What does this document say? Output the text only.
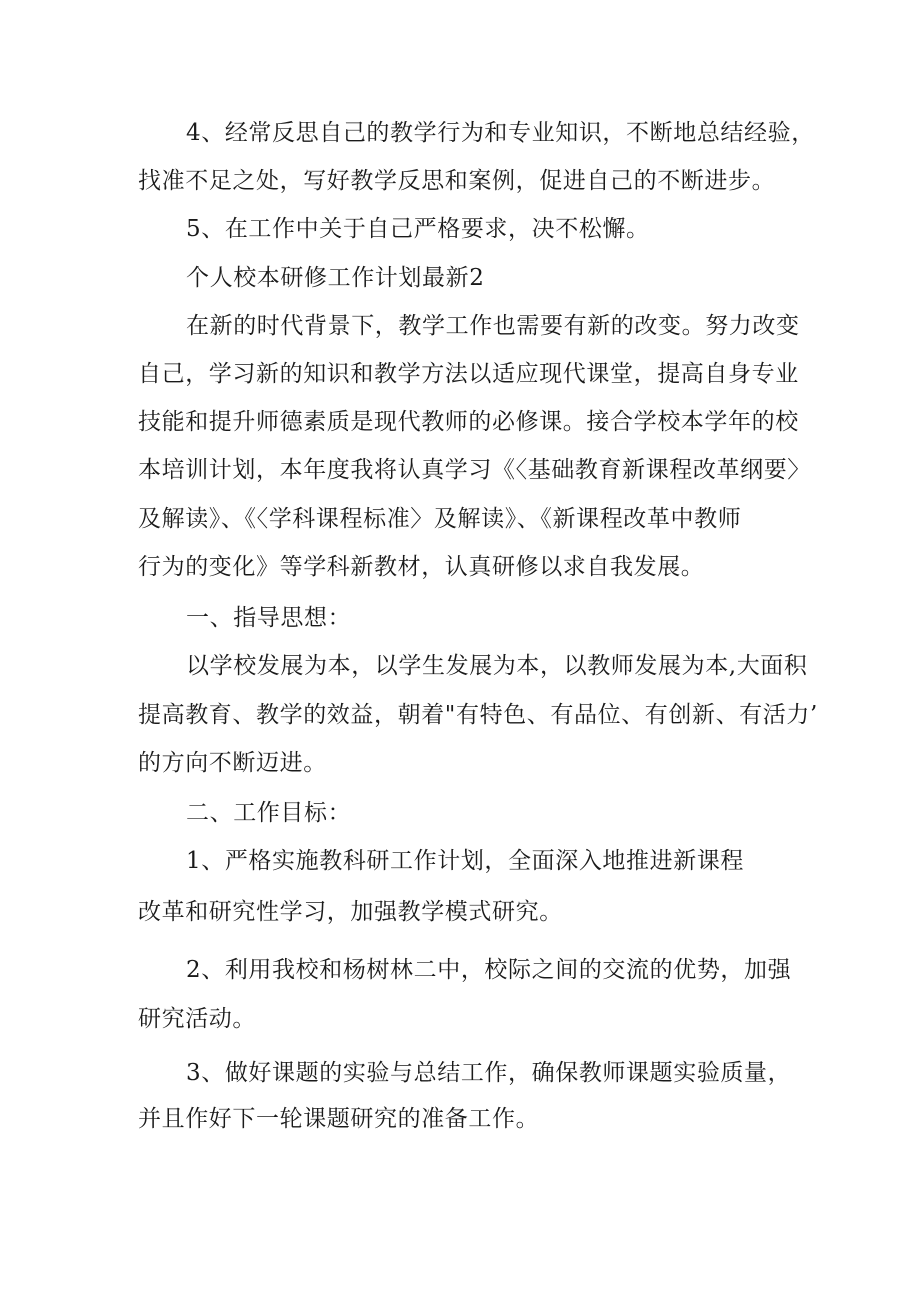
4、经常反思自己的教学行为和专业知识，不断地总结经验，
找准不足之处，写好教学反思和案例，促进自己的不断进步。
5、在工作中关于自己严格要求，决不松懈。
个人校本研修工作计划最新2
在新的时代背景下，教学工作也需要有新的改变。努力改变
自己，学习新的知识和教学方法以适应现代课堂，提高自身专业
技能和提升师德素质是现代教师的必修课。接合学校本学年的校
本培训计划，本年度我将认真学习《〈基础教育新课程改革纲要〉
及解读》、《〈学科课程标准〉及解读》、《新课程改革中教师
行为的变化》等学科新教材，认真研修以求自我发展。
一、指导思想：
以学校发展为本，以学生发展为本，以教师发展为本,大面积
提高教育、教学的效益，朝着"有特色、有品位、有创新、有活力’
的方向不断迈进。
二、工作目标：
1、严格实施教科研工作计划，全面深入地推进新课程
改革和研究性学习，加强教学模式研究。
2、利用我校和杨树林二中，校际之间的交流的优势，加强
研究活动。
3、做好课题的实验与总结工作，确保教师课题实验质量，
并且作好下一轮课题研究的准备工作。
